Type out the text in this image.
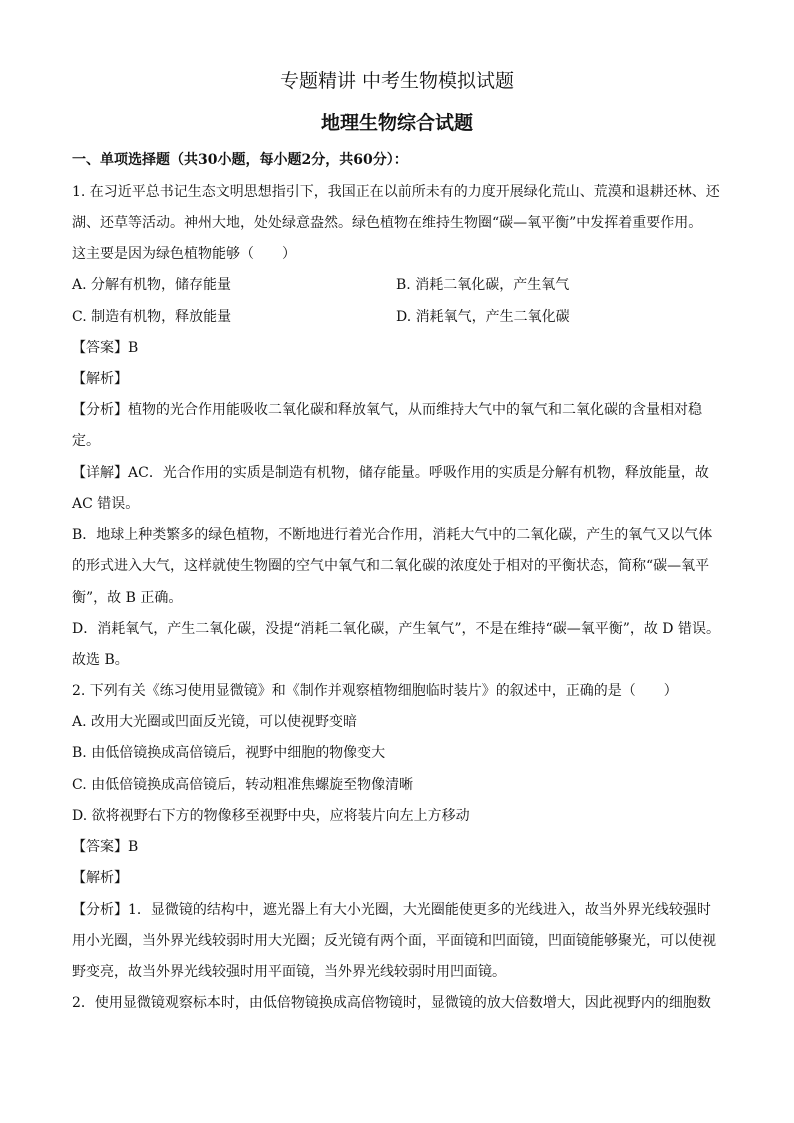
专题精讲 中考生物模拟试题
地理生物综合试题
一、单项选择题（共30小题，每小题2分，共60分）：
1. 在习近平总书记生态文明思想指引下，我国正在以前所未有的力度开展绿化荒山、荒漠和退耕还林、还
湖、还草等活动。神州大地，处处绿意盎然。绿色植物在维持生物圈“碳—氧平衡”中发挥着重要作用。
这主要是因为绿色植物能够（　　）
A. 分解有机物，储存能量	B. 消耗二氧化碳，产生氧气
C. 制造有机物，释放能量	D. 消耗氧气，产生二氧化碳
【答案】B
【解析】
【分析】植物的光合作用能吸收二氧化碳和释放氧气，从而维持大气中的氧气和二氧化碳的含量相对稳
定。
【详解】AC．光合作用的实质是制造有机物，储存能量。呼吸作用的实质是分解有机物，释放能量，故
AC 错误。
B．地球上种类繁多的绿色植物，不断地进行着光合作用，消耗大气中的二氧化碳，产生的氧气又以气体
的形式进入大气，这样就使生物圈的空气中氧气和二氧化碳的浓度处于相对的平衡状态，简称“碳—氧平
衡”，故 B 正确。
D．消耗氧气，产生二氧化碳，没提“消耗二氧化碳，产生氧气”，不是在维持“碳—氧平衡”，故 D 错误。
故选 B。
2. 下列有关《练习使用显微镜》和《制作并观察植物细胞临时装片》的叙述中，正确的是（　　）
A. 改用大光圈或凹面反光镜，可以使视野变暗
B. 由低倍镜换成高倍镜后，视野中细胞的物像变大
C. 由低倍镜换成高倍镜后，转动粗准焦螺旋至物像清晰
D. 欲将视野右下方的物像移至视野中央，应将装片向左上方移动
【答案】B
【解析】
【分析】1．显微镜的结构中，遮光器上有大小光圈，大光圈能使更多的光线进入，故当外界光线较强时
用小光圈，当外界光线较弱时用大光圈；反光镜有两个面，平面镜和凹面镜，凹面镜能够聚光，可以使视
野变亮，故当外界光线较强时用平面镜，当外界光线较弱时用凹面镜。
2．使用显微镜观察标本时，由低倍物镜换成高倍物镜时，显微镜的放大倍数增大，因此视野内的细胞数
